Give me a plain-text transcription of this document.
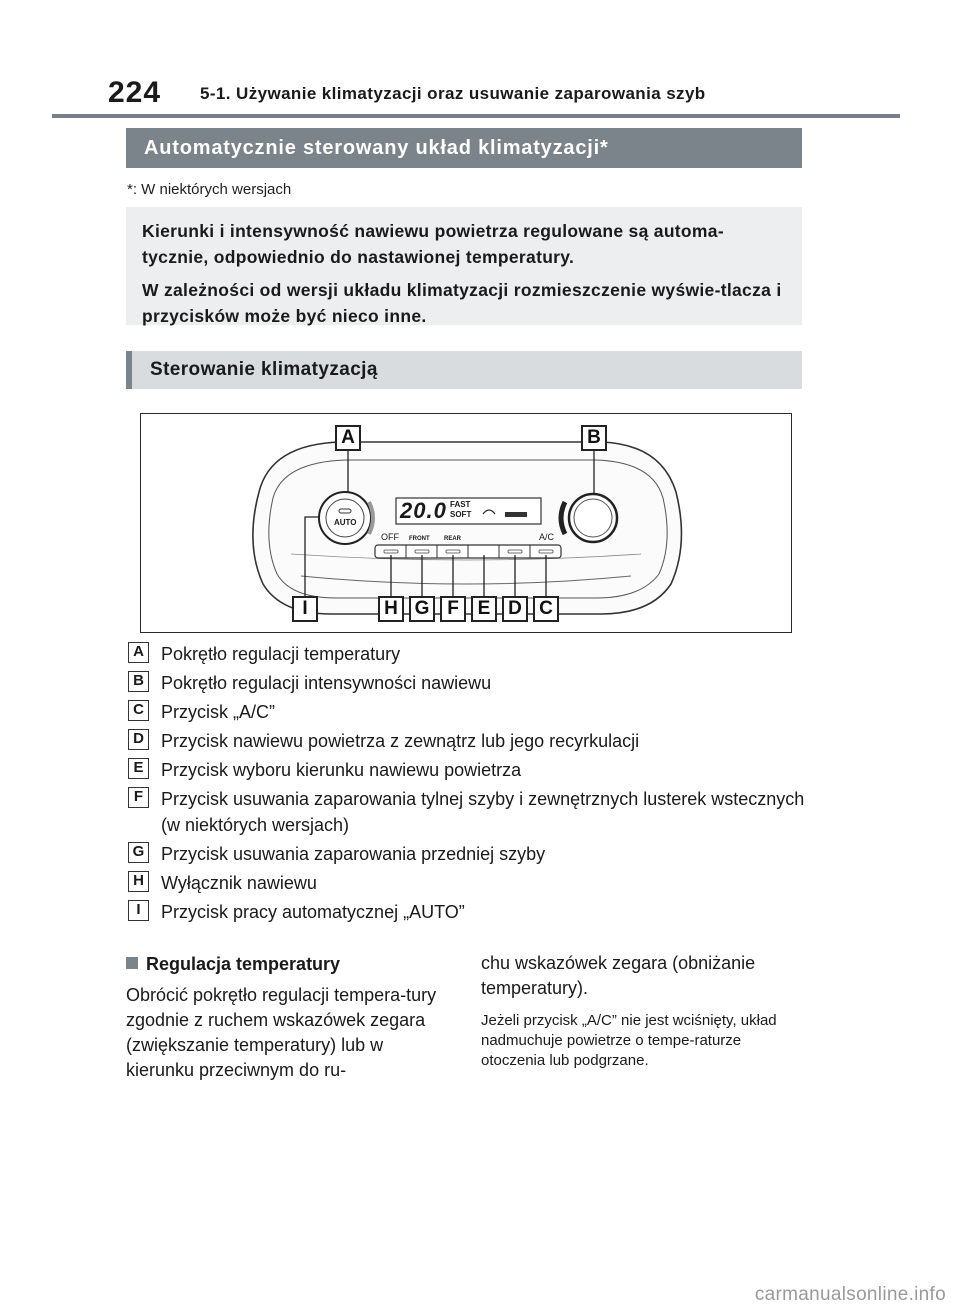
224 5-1. Używanie klimatyzacji oraz usuwanie zaparowania szyb
Automatycznie sterowany układ klimatyzacji*
*: W niektórych wersjach

Kierunki i intensywność nawiewu powietrza regulowane są automa-tycznie, odpowiednio do nastawionej temperatury.

W zależności od wersji układu klimatyzacji rozmieszczenie wyświe-tlacza i przycisków może być nieco inne.

Sterowanie klimatyzacją
20.0 FAST
SOFT
AUTO
OFF FRONT REAR	A/C
A	B
I	H G F E D C
A Pokrętło regulacji temperatury
B Pokrętło regulacji intensywności nawiewu
C Przycisk „A/C”
D Przycisk nawiewu powietrza z zewnątrz lub jego recyrkulacji
E Przycisk wyboru kierunku nawiewu powietrza
F Przycisk usuwania zaparowania tylnej szyby i zewnętrznych lusterek wstecznych (w niektórych wersjach)
G Przycisk usuwania zaparowania przedniej szyby
H Wyłącznik nawiewu
I	Przycisk pracy automatycznej „AUTO”
Regulacja temperatury

Obrócić pokrętło regulacji tempera-tury zgodnie z ruchem wskazówek zegara (zwiększanie temperatury) lub w kierunku przeciwnym do ru-

chu wskazówek zegara (obniżanie temperatury).

Jeżeli przycisk „A/C” nie jest wciśnięty, układ nadmuchuje powietrze o tempe-raturze otoczenia lub podgrzane.

carmanualsonline.info
